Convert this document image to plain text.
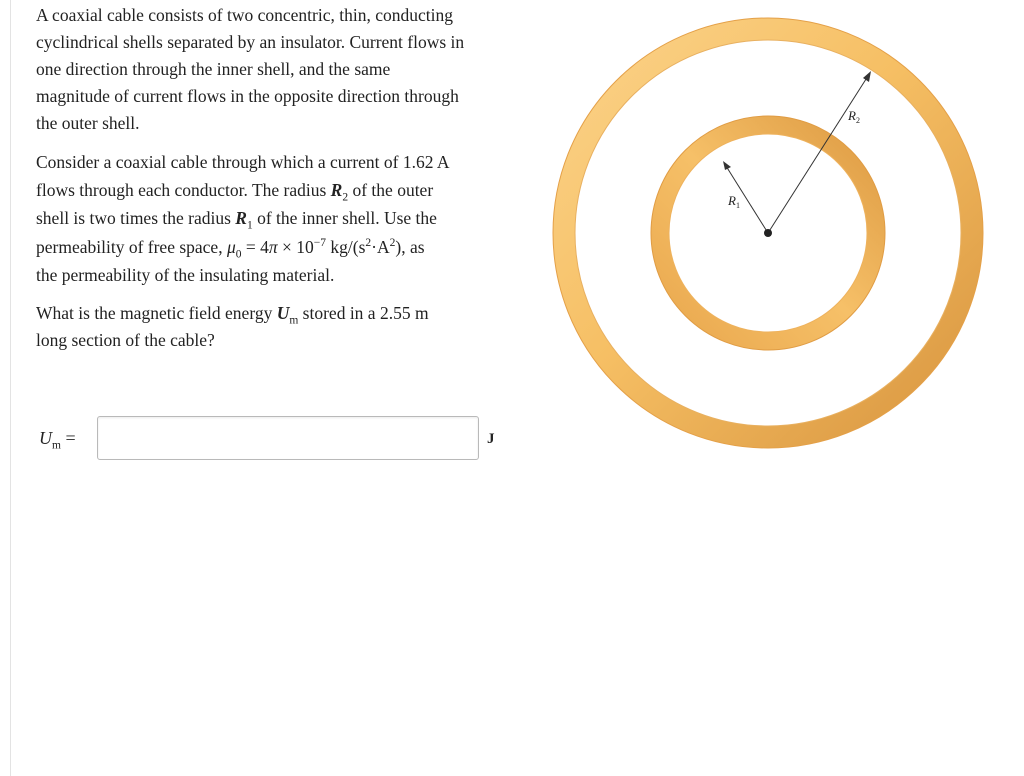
A coaxial cable consists of two concentric, thin, conducting
cyclindrical shells separated by an insulator. Current flows in
one direction through the inner shell, and the same
magnitude of current flows in the opposite direction through
the outer shell.

Consider a coaxial cable through which a current of 1.62 A
flows through each conductor. The radius $R_2$ of the outer
shell is two times the radius $R_1$ of the inner shell. Use the
permeability of free space, $\mu_0 = 4\pi \times 10^{-7}$ $kg/(s^2\cdot A^2)$, as
the permeability of the insulating material.

What is the magnetic field energy $U_m$ stored in a 2.55 m
long section of the cable?

$U_m$ =	J
$R_1$
$R_2$
